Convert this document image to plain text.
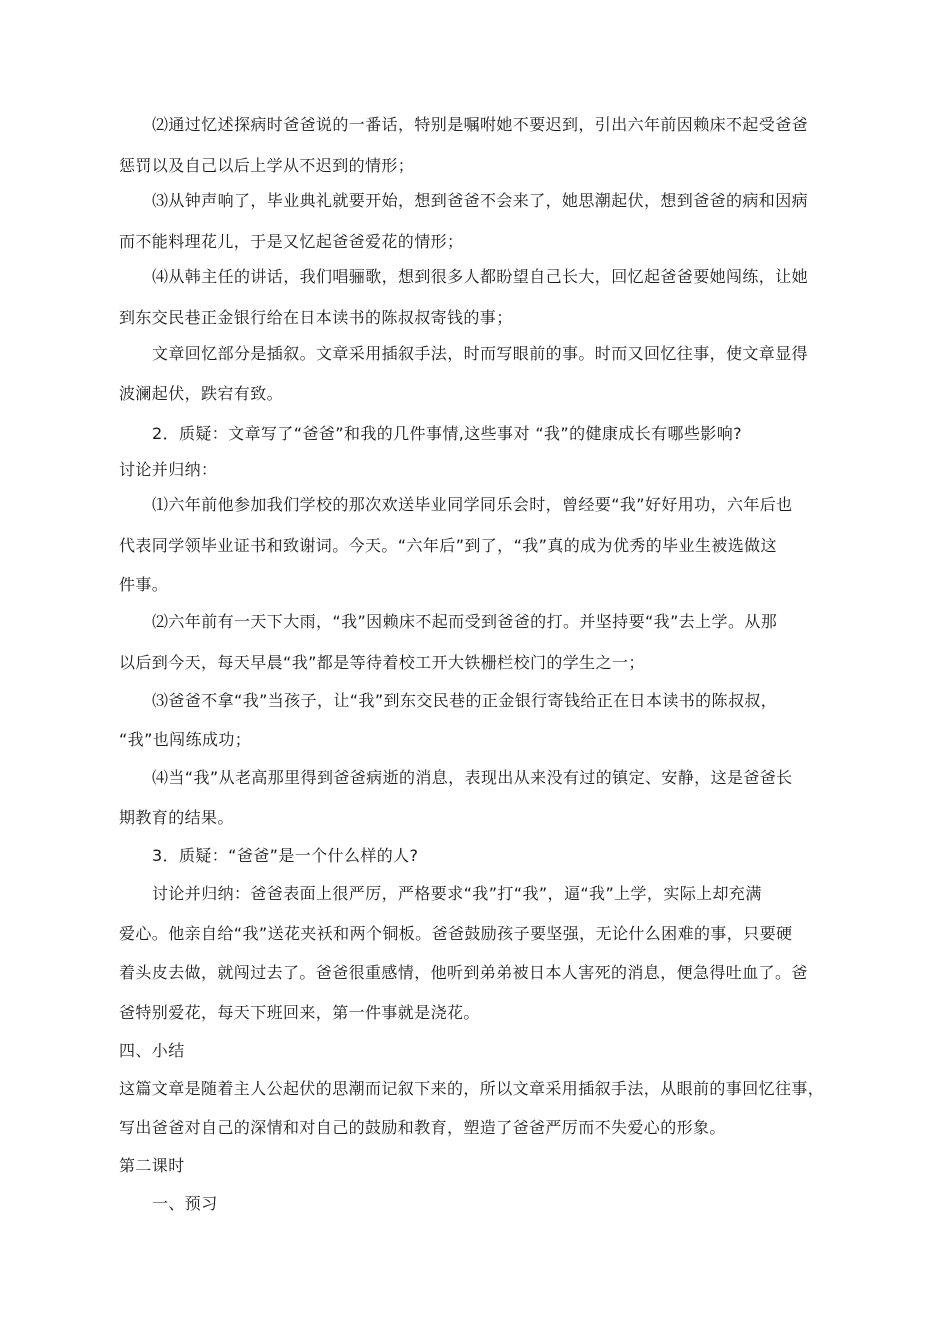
⑵通过忆述探病时爸爸说的一番话，特别是嘱咐她不要迟到，引出六年前因赖床不起受爸爸
惩罚以及自己以后上学从不迟到的情形；
⑶从钟声响了，毕业典礼就要开始，想到爸爸不会来了，她思潮起伏，想到爸爸的病和因病
而不能料理花儿，于是又忆起爸爸爱花的情形；
⑷从韩主任的讲话，我们唱骊歌，想到很多人都盼望自己长大，回忆起爸爸要她闯练，让她
到东交民巷正金银行给在日本读书的陈叔叔寄钱的事；
文章回忆部分是插叙。文章采用插叙手法，时而写眼前的事。时而又回忆往事，使文章显得
波澜起伏，跌宕有致。
2．质疑：文章写了“爸爸”和我的几件事情,这些事对 “我”的健康成长有哪些影响?
讨论并归纳：
⑴六年前他参加我们学校的那次欢送毕业同学同乐会时，曾经要“我”好好用功，六年后也
代表同学领毕业证书和致谢词。今天。“六年后”到了，“我”真的成为优秀的毕业生被选做这
件事。
⑵六年前有一天下大雨，“我”因赖床不起而受到爸爸的打。并坚持要“我”去上学。从那
以后到今天，每天早晨“我”都是等待着校工开大铁栅栏校门的学生之一；
⑶爸爸不拿“我”当孩子，让“我”到东交民巷的正金银行寄钱给正在日本读书的陈叔叔，
“我”也闯练成功；
⑷当“我”从老高那里得到爸爸病逝的消息，表现出从来没有过的镇定、安静，这是爸爸长
期教育的结果。
3．质疑：“爸爸”是一个什么样的人?
讨论并归纳：爸爸表面上很严厉，严格要求“我”打“我”，逼“我”上学，实际上却充满
爱心。他亲自给“我”送花夹袄和两个铜板。爸爸鼓励孩子要坚强，无论什么困难的事，只要硬
着头皮去做，就闯过去了。爸爸很重感情，他听到弟弟被日本人害死的消息，便急得吐血了。爸
爸特别爱花，每天下班回来，第一件事就是浇花。
四、小结
这篇文章是随着主人公起伏的思潮而记叙下来的，所以文章采用插叙手法，从眼前的事回忆往事，
写出爸爸对自己的深情和对自己的鼓励和教育，塑造了爸爸严厉而不失爱心的形象。
第二课时
一、预习
